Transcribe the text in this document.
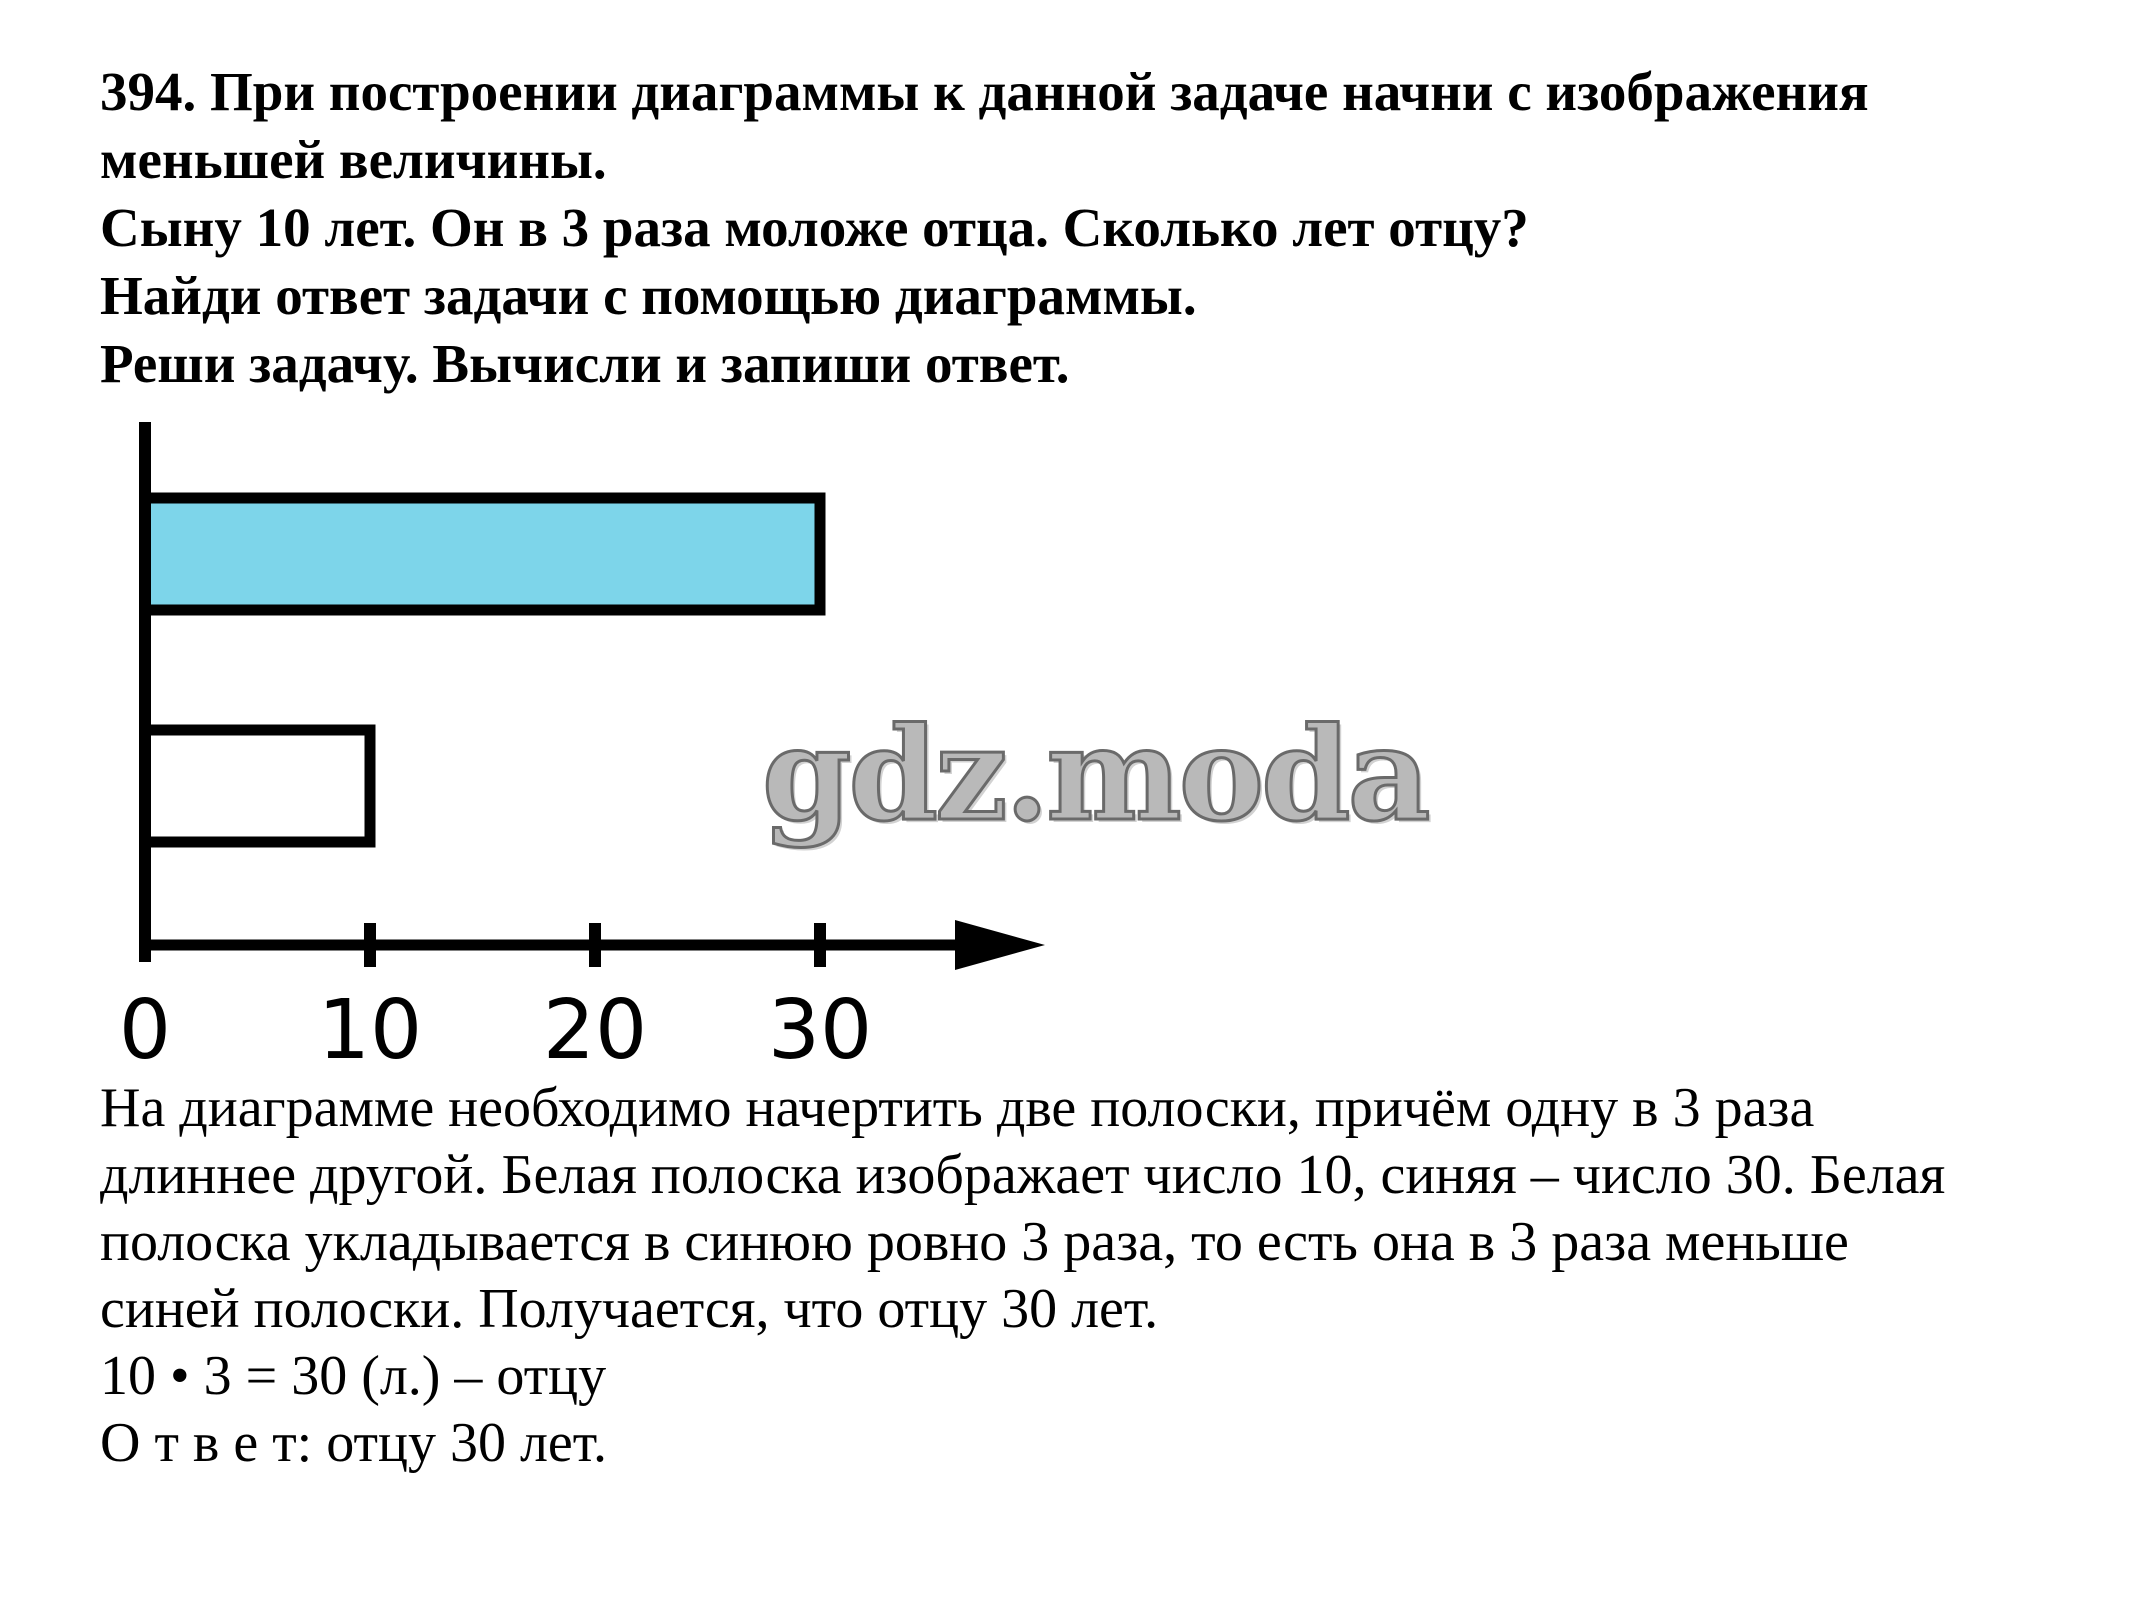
394. При построении диаграммы к данной задаче начни с изображения
меньшей величины.
Сыну 10 лет. Он в 3 раза моложе отца. Сколько лет отцу?
Найди ответ задачи с помощью диаграммы.
Реши задачу. Вычисли и запиши ответ.
0 10 20 30
gdz.moda
На диаграмме необходимо начертить две полоски, причём одну в 3 раза
длиннее другой. Белая полоска изображает число 10, синяя – число 30. Белая
полоска укладывается в синюю ровно 3 раза, то есть она в 3 раза меньше
синей полоски. Получается, что отцу 30 лет.
10 • 3 = 30 (л.) – отцу
О т в е т: отцу 30 лет.
